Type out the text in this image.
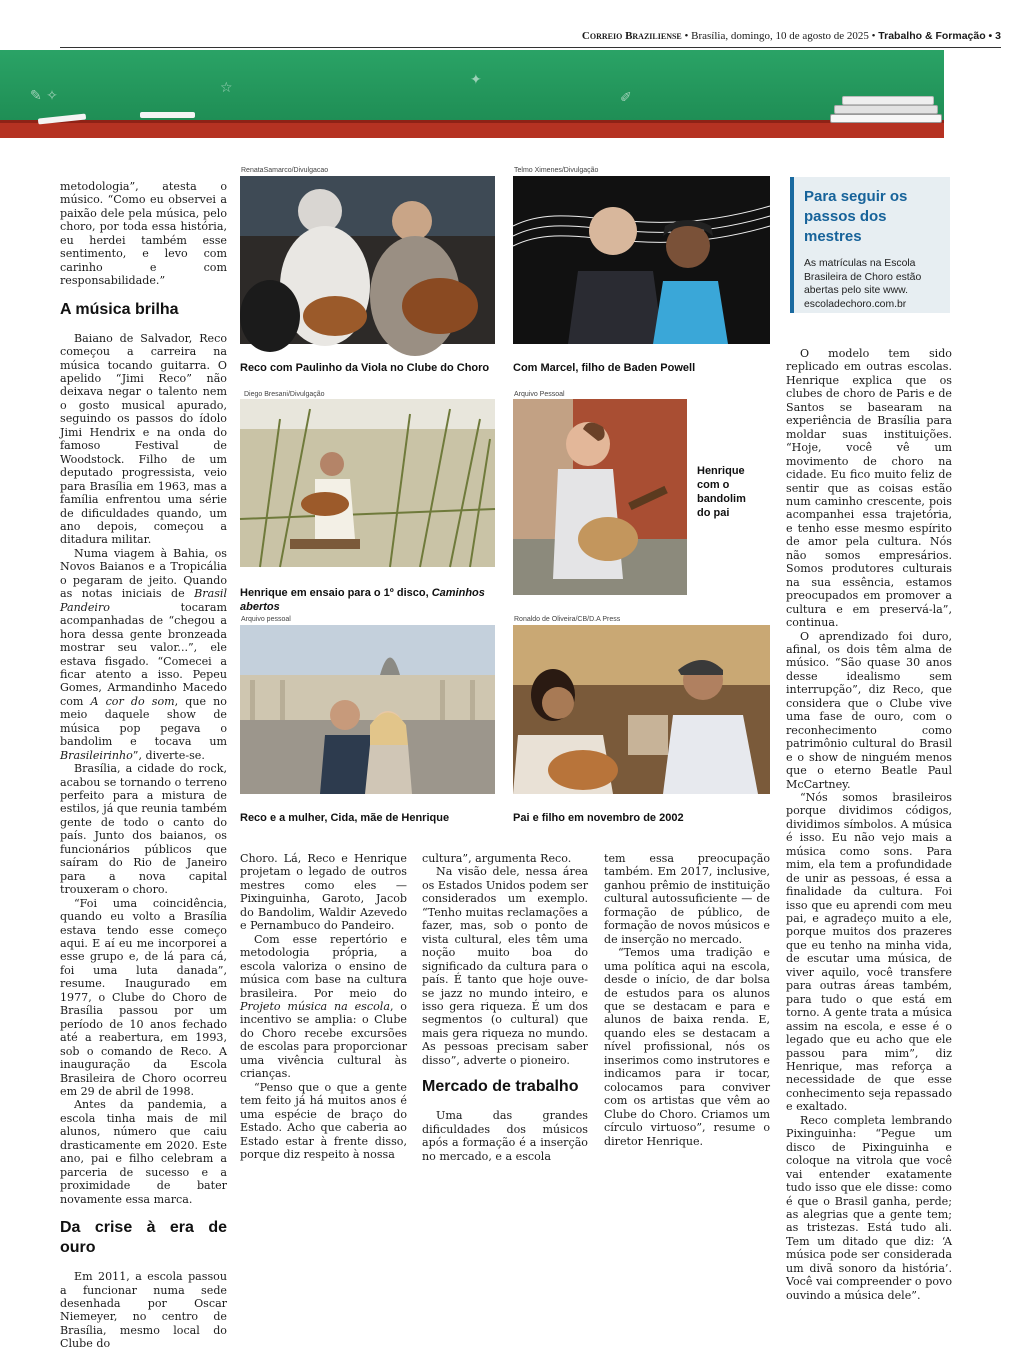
Correio Braziliense • Brasília, domingo, 10 de agosto de 2025 • Trabalho & Formação • 3
✎ ✧	☆	✦
✐

metodologia”, atesta o músico. “Como eu observei a paixão dele pela música, pelo choro, por toda essa história, eu herdei também esse sentimento, e levo com carinho e com responsabilidade.”

A música brilha

Baiano de Salvador, Reco começou a carreira na música tocando guitarra. O apelido “Jimi Reco” não deixava negar o talento nem o gosto musical apurado, seguindo os passos do ídolo Jimi Hendrix e na onda do famoso Festival de Woodstock. Filho de um deputado progressista, veio para Brasília em 1963, mas a família enfrentou uma série de dificuldades quando, um ano depois, começou a ditadura militar.

Numa viagem à Bahia, os Novos Baianos e a Tropicália o pegaram de jeito. Quando as notas iniciais de Brasil Pandeiro tocaram acompanhadas de “chegou a hora dessa gente bronzeada mostrar seu valor...”, ele estava fisgado. “Comecei a ficar atento a isso. Pepeu Gomes, Armandinho Macedo com A cor do som, que no meio daquele show de música pop pegava o bandolim e tocava um Brasileirinho”, diverte-se.

Brasília, a cidade do rock, acabou se tornando o terreno perfeito para a mistura de estilos, já que reunia também gente de todo o canto do país. Junto dos baianos, os funcionários públicos que saíram do Rio de Janeiro para a nova capital trouxeram o choro.

“Foi uma coincidência, quando eu volto a Brasília estava tendo esse começo aqui. E aí eu me incorporei a esse grupo e, de lá para cá, foi uma luta danada”, resume. Inaugurado em 1977, o Clube do Choro de Brasília passou por um período de 10 anos fechado até a reabertura, em 1993, sob o comando de Reco. A inauguração da Escola Brasileira de Choro ocorreu em 29 de abril de 1998.

Antes da pandemia, a escola tinha mais de mil alunos, número que caiu drasticamente em 2020. Este ano, pai e filho celebram a parceria de sucesso e a proximidade de bater novamente essa marca.

Da crise à era de ouro

Em 2011, a escola passou a funcionar numa sede desenhada por Oscar Niemeyer, no centro de Brasília, mesmo local do Clube do

RenataSamarco/Divulgacao
Reco com Paulinho da Viola no Clube do Choro
Telmo Ximenes/Divulgação
Com Marcel, filho de Baden Powell
Diego Bresani/Divulgação
Henrique em ensaio para o 1º disco, Caminhos abertos
Arquivo Pessoal
Henrique com o bandolim do pai
Arquivo pessoal
Reco e a mulher, Cida, mãe de Henrique
Ronaldo de Oliveira/CB/D.A Press
Pai e filho em novembro de 2002

Choro. Lá, Reco e Henrique projetam o legado de outros mestres como eles — Pixinguinha, Garoto, Jacob do Bandolim, Waldir Azevedo e Pernambuco do Pandeiro.

Com esse repertório e metodologia própria, a escola valoriza o ensino de música com base na cultura brasileira. Por meio do Projeto música na escola, o incentivo se amplia: o Clube do Choro recebe excursões de escolas para proporcionar uma vivência cultural às crianças.

“Penso que o que a gente tem feito já há muitos anos é uma espécie de braço do Estado. Acho que caberia ao Estado estar à frente disso, porque diz respeito à nossa

cultura”, argumenta Reco.

Na visão dele, nessa área os Estados Unidos podem ser considerados um exemplo. “Tenho muitas reclamações a fazer, mas, sob o ponto de vista cultural, eles têm uma noção muito boa do significado da cultura para o país. É tanto que hoje ouve-se jazz no mundo inteiro, e isso gera riqueza. É um dos segmentos (o cultural) que mais gera riqueza no mundo. As pessoas precisam saber disso”, adverte o pioneiro.

Mercado de trabalho

Uma das grandes dificuldades dos músicos após a formação é a inserção no mercado, e a escola

tem essa preocupação também. Em 2017, inclusive, ganhou prêmio de instituição cultural autossuficiente — de formação de público, de formação de novos músicos e de inserção no mercado.

“Temos uma tradição e uma política aqui na escola, desde o início, de dar bolsa de estudos para os alunos que se destacam e para e alunos de baixa renda. E, quando eles se destacam a nível profissional, nós os inserimos como instrutores e indicamos para ir tocar, colocamos para conviver com os artistas que vêm ao Clube do Choro. Criamos um círculo virtuoso”, resume o diretor Henrique.

Para seguir os passos dos mestres
As matrículas na Escola Brasileira de Choro estão abertas pelo site www. escoladechoro.com.br

O modelo tem sido replicado em outras escolas. Henrique explica que os clubes de choro de Paris e de Santos se basearam na experiência de Brasília para moldar suas instituições. “Hoje, você vê um movimento de choro na cidade. Eu fico muito feliz de sentir que as coisas estão num caminho crescente, pois acompanhei essa trajetória, e tenho esse mesmo espírito de amor pela cultura. Nós não somos empresários. Somos produtores culturais na sua essência, estamos preocupados em promover a cultura e em preservá-la”, continua.

O aprendizado foi duro, afinal, os dois têm alma de músico. “São quase 30 anos desse idealismo sem interrupção”, diz Reco, que considera que o Clube vive uma fase de ouro, com o reconhecimento como patrimônio cultural do Brasil e o show de ninguém menos que o eterno Beatle Paul McCartney.

“Nós somos brasileiros porque dividimos códigos, dividimos símbolos. A música é isso. Eu não vejo mais a música como sons. Para mim, ela tem a profundidade de unir as pessoas, é essa a finalidade da cultura. Foi isso que eu aprendi com meu pai, e agradeço muito a ele, porque muitos dos prazeres que eu tenho na minha vida, de escutar uma música, de viver aquilo, você transfere para outras áreas também, para tudo o que está em torno. A gente trata a música assim na escola, e esse é o legado que eu acho que ele passou para mim”, diz Henrique, mas reforça a necessidade de que esse conhecimento seja repassado e exaltado.

Reco completa lembrando Pixinguinha: “Pegue um disco de Pixinguinha e coloque na vitrola que você vai entender exatamente tudo isso que ele disse: como é que o Brasil ganha, perde; as alegrias que a gente tem; as tristezas. Está tudo ali. Tem um ditado que diz: ‘A música pode ser considerada um divã sonoro da história’. Você vai compreender o povo ouvindo a música dele”.
